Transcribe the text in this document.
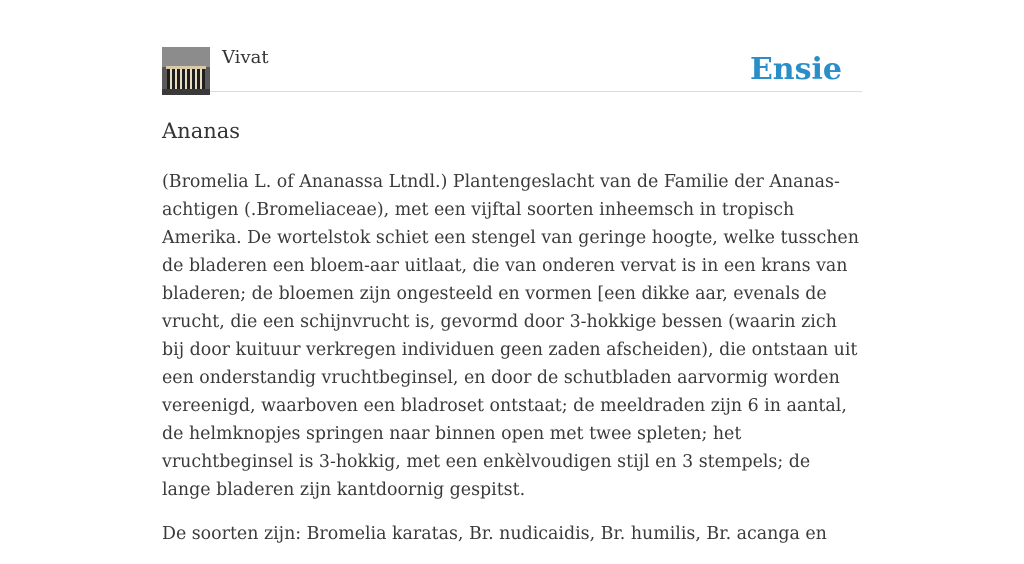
Vivat	Ensie
Ananas

(Bromelia L. of Ananassa Ltndl.) Plantengeslacht van de Familie der Ananas-achtigen (.Bromeliaceae), met een vijftal soorten inheemsch in tropisch Amerika. De wortelstok schiet een stengel van geringe hoogte, welke tusschen de bladeren een bloem-aar uitlaat, die van onderen vervat is in een krans van bladeren; de bloemen zijn ongesteeld en vormen [een dikke aar, evenals de vrucht, die een schijnvrucht is, gevormd door 3-hokkige bessen (waarin zich bij door kuituur verkregen individuen geen zaden afscheiden), die ontstaan uit een onderstandig vruchtbeginsel, en door de schutbladen aarvormig worden vereenigd, waarboven een bladroset ontstaat; de meeldraden zijn 6 in aantal, de helmknopjes springen naar binnen open met twee spleten; het vruchtbeginsel is 3-hokkig, met een enkèlvoudigen stijl en 3 stempels; de lange bladeren zijn kantdoornig gespitst.

De soorten zijn: Bromelia karatas, Br. nudicaidis, Br. humilis, Br. acanga en
